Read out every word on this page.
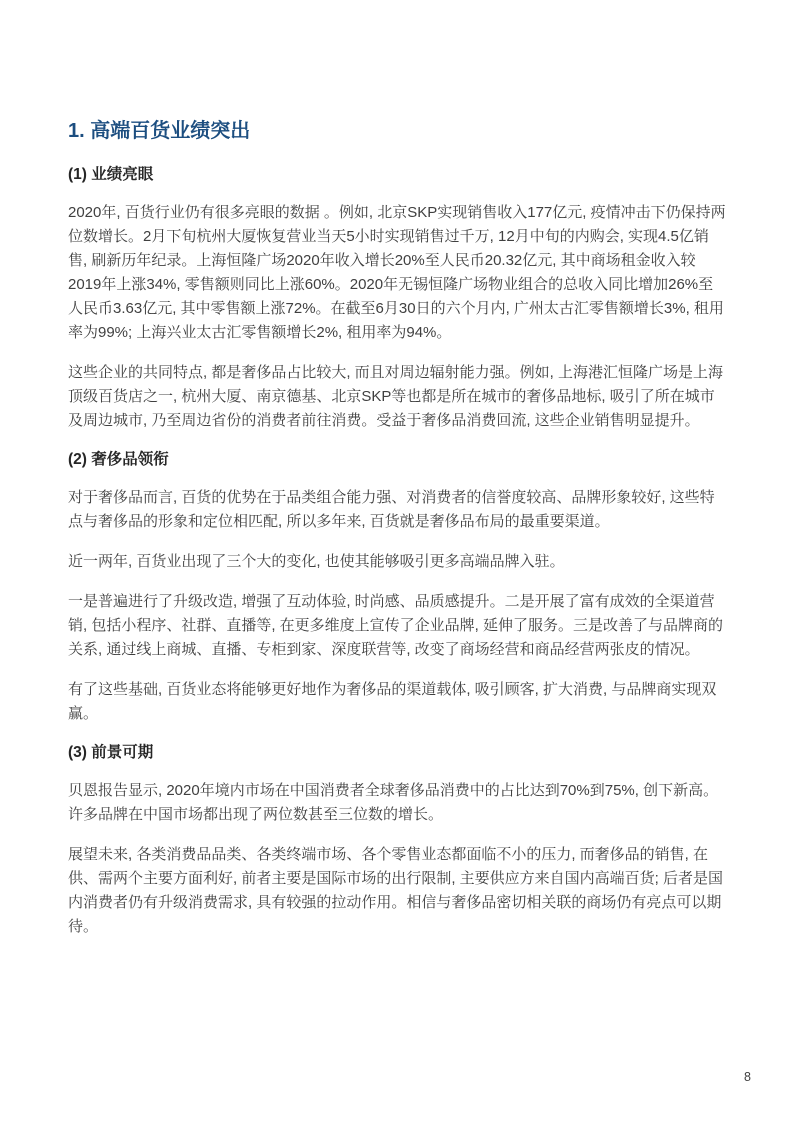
1. 高端百货业绩突出
(1) 业绩亮眼

2020年, 百货行业仍有很多亮眼的数据 。例如, 北京SKP实现销售收入177亿元, 疫情冲击下仍保持两位数增长。2月下旬杭州大厦恢复营业当天5小时实现销售过千万, 12月中旬的内购会, 实现4.5亿销售, 刷新历年纪录。上海恒隆广场2020年收入增长20%至人民币20.32亿元, 其中商场租金收入较2019年上涨34%, 零售额则同比上涨60%。2020年无锡恒隆广场物业组合的总收入同比增加26%至人民币3.63亿元, 其中零售额上涨72%。在截至6月30日的六个月内, 广州太古汇零售额增长3%, 租用率为99%; 上海兴业太古汇零售额增长2%, 租用率为94%。

这些企业的共同特点, 都是奢侈品占比较大, 而且对周边辐射能力强。例如, 上海港汇恒隆广场是上海顶级百货店之一, 杭州大厦、南京德基、北京SKP等也都是所在城市的奢侈品地标, 吸引了所在城市及周边城市, 乃至周边省份的消费者前往消费。受益于奢侈品消费回流, 这些企业销售明显提升。

(2) 奢侈品领衔

对于奢侈品而言, 百货的优势在于品类组合能力强、对消费者的信誉度较高、品牌形象较好, 这些特点与奢侈品的形象和定位相匹配, 所以多年来, 百货就是奢侈品布局的最重要渠道。

近一两年, 百货业出现了三个大的变化, 也使其能够吸引更多高端品牌入驻。

一是普遍进行了升级改造, 增强了互动体验, 时尚感、品质感提升。二是开展了富有成效的全渠道营销, 包括小程序、社群、直播等, 在更多维度上宣传了企业品牌, 延伸了服务。三是改善了与品牌商的关系, 通过线上商城、直播、专柜到家、深度联营等, 改变了商场经营和商品经营两张皮的情况。

有了这些基础, 百货业态将能够更好地作为奢侈品的渠道载体, 吸引顾客, 扩大消费, 与品牌商实现双赢。

(3) 前景可期

贝恩报告显示, 2020年境内市场在中国消费者全球奢侈品消费中的占比达到70%到75%, 创下新高。许多品牌在中国市场都出现了两位数甚至三位数的增长。

展望未来, 各类消费品品类、各类终端市场、各个零售业态都面临不小的压力, 而奢侈品的销售, 在供、需两个主要方面利好, 前者主要是国际市场的出行限制, 主要供应方来自国内高端百货; 后者是国内消费者仍有升级消费需求, 具有较强的拉动作用。相信与奢侈品密切相关联的商场仍有亮点可以期待。

8
